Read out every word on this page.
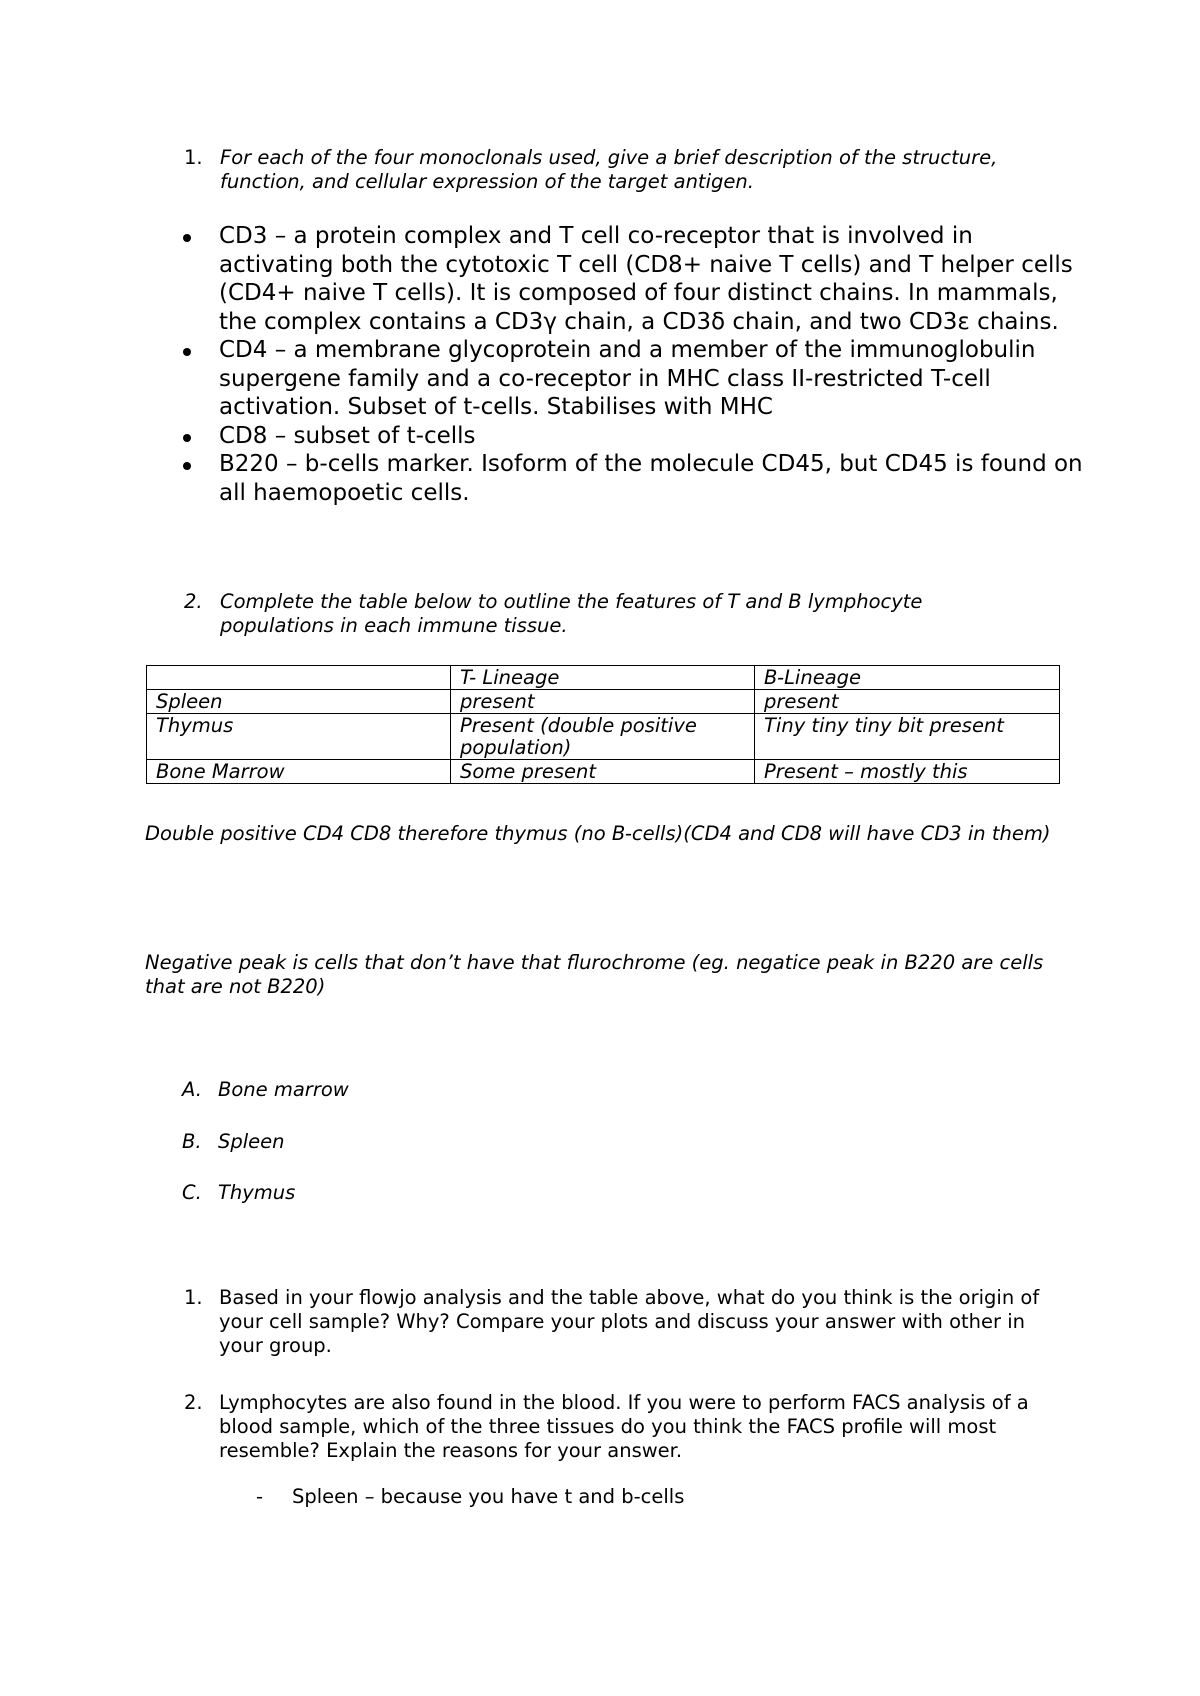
1. For each of the four monoclonals used, give a brief description of the structure, function, and cellular expression of the target antigen.
CD3 – a protein complex and T cell co-receptor that is involved in activating both the cytotoxic T cell (CD8+ naive T cells) and T helper cells (CD4+ naive T cells). It is composed of four distinct chains. In mammals, the complex contains a CD3γ chain, a CD3δ chain, and two CD3ε chains.
CD4 – a membrane glycoprotein and a member of the immunoglobulin supergene family and a co-receptor in MHC class II-restricted T-cell activation. Subset of t-cells. Stabilises with MHC
CD8 – subset of t-cells
B220 – b-cells marker. Isoform of the molecule CD45, but CD45 is found on all haemopoetic cells.
2. Complete the table below to outline the features of T and B lymphocyte populations in each immune tissue.
	T- Lineage	B-Lineage
Spleen	present	present
Thymus	Present (double positive population)	Tiny tiny tiny bit present
Bone Marrow	Some present	Present – mostly this
Double positive CD4 CD8 therefore thymus (no B-cells)(CD4 and CD8 will have CD3 in them)
Negative peak is cells that don’t have that flurochrome (eg. negatice peak in B220 are cells that are not B220)
A. Bone marrow
B. Spleen
C. Thymus
1. Based in your flowjo analysis and the table above, what do you think is the origin of your cell sample? Why? Compare your plots and discuss your answer with other in your group.
2. Lymphocytes are also found in the blood. If you were to perform FACS analysis of a blood sample, which of the three tissues do you think the FACS profile will most resemble? Explain the reasons for your answer.
- Spleen – because you have t and b-cells
